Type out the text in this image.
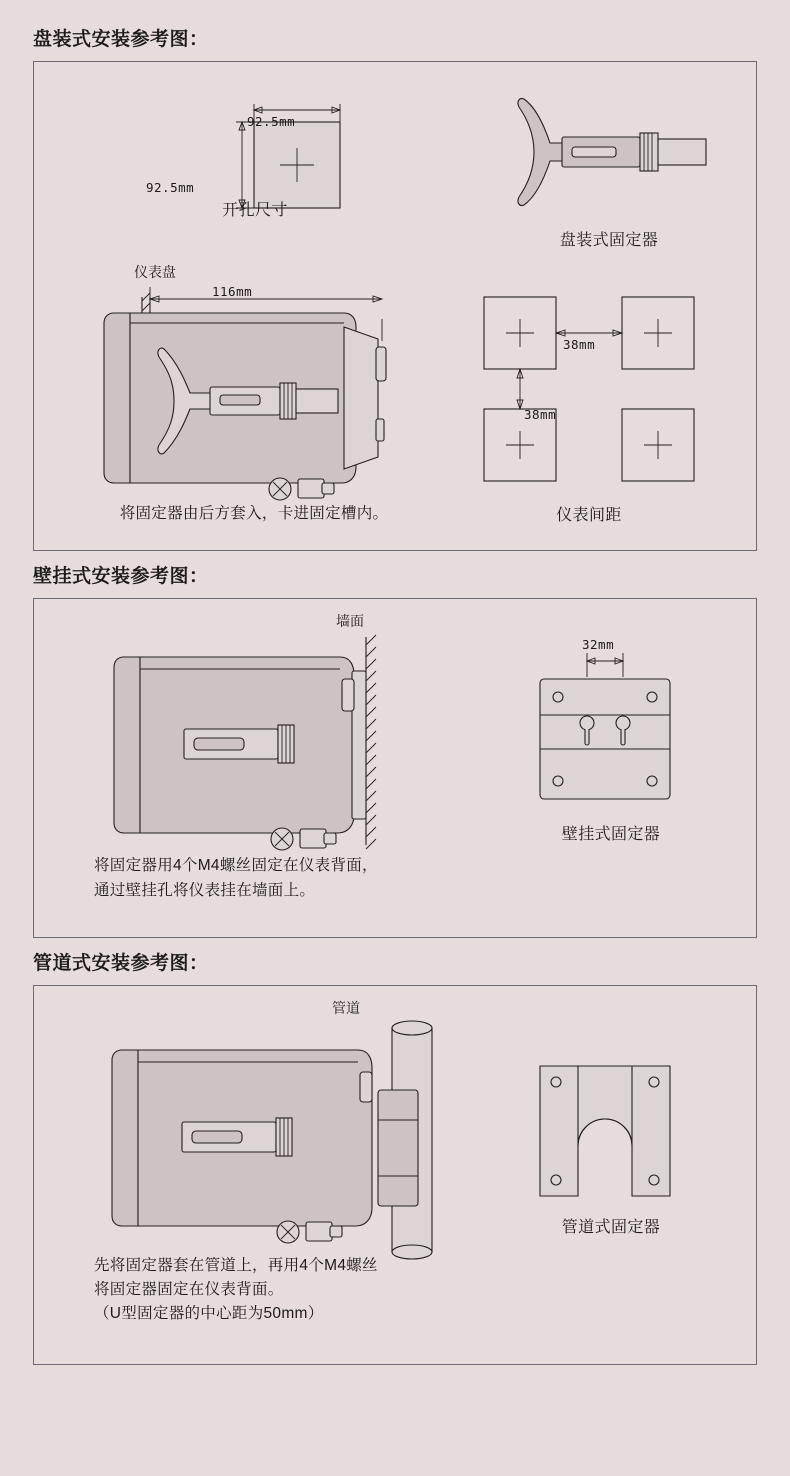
盘装式安装参考图：
92.5mm
92.5mm
开孔尺寸
盘装式固定器
仪表盘
116mm
将固定器由后方套入，卡进固定槽内。
38mm
38mm
仪表间距
壁挂式安装参考图：
墙面
将固定器用4个M4螺丝固定在仪表背面，
通过壁挂孔将仪表挂在墙面上。
32mm
壁挂式固定器
管道式安装参考图：
管道
先将固定器套在管道上，再用4个M4螺丝
将固定器固定在仪表背面。
（U型固定器的中心距为50mm）
管道式固定器
